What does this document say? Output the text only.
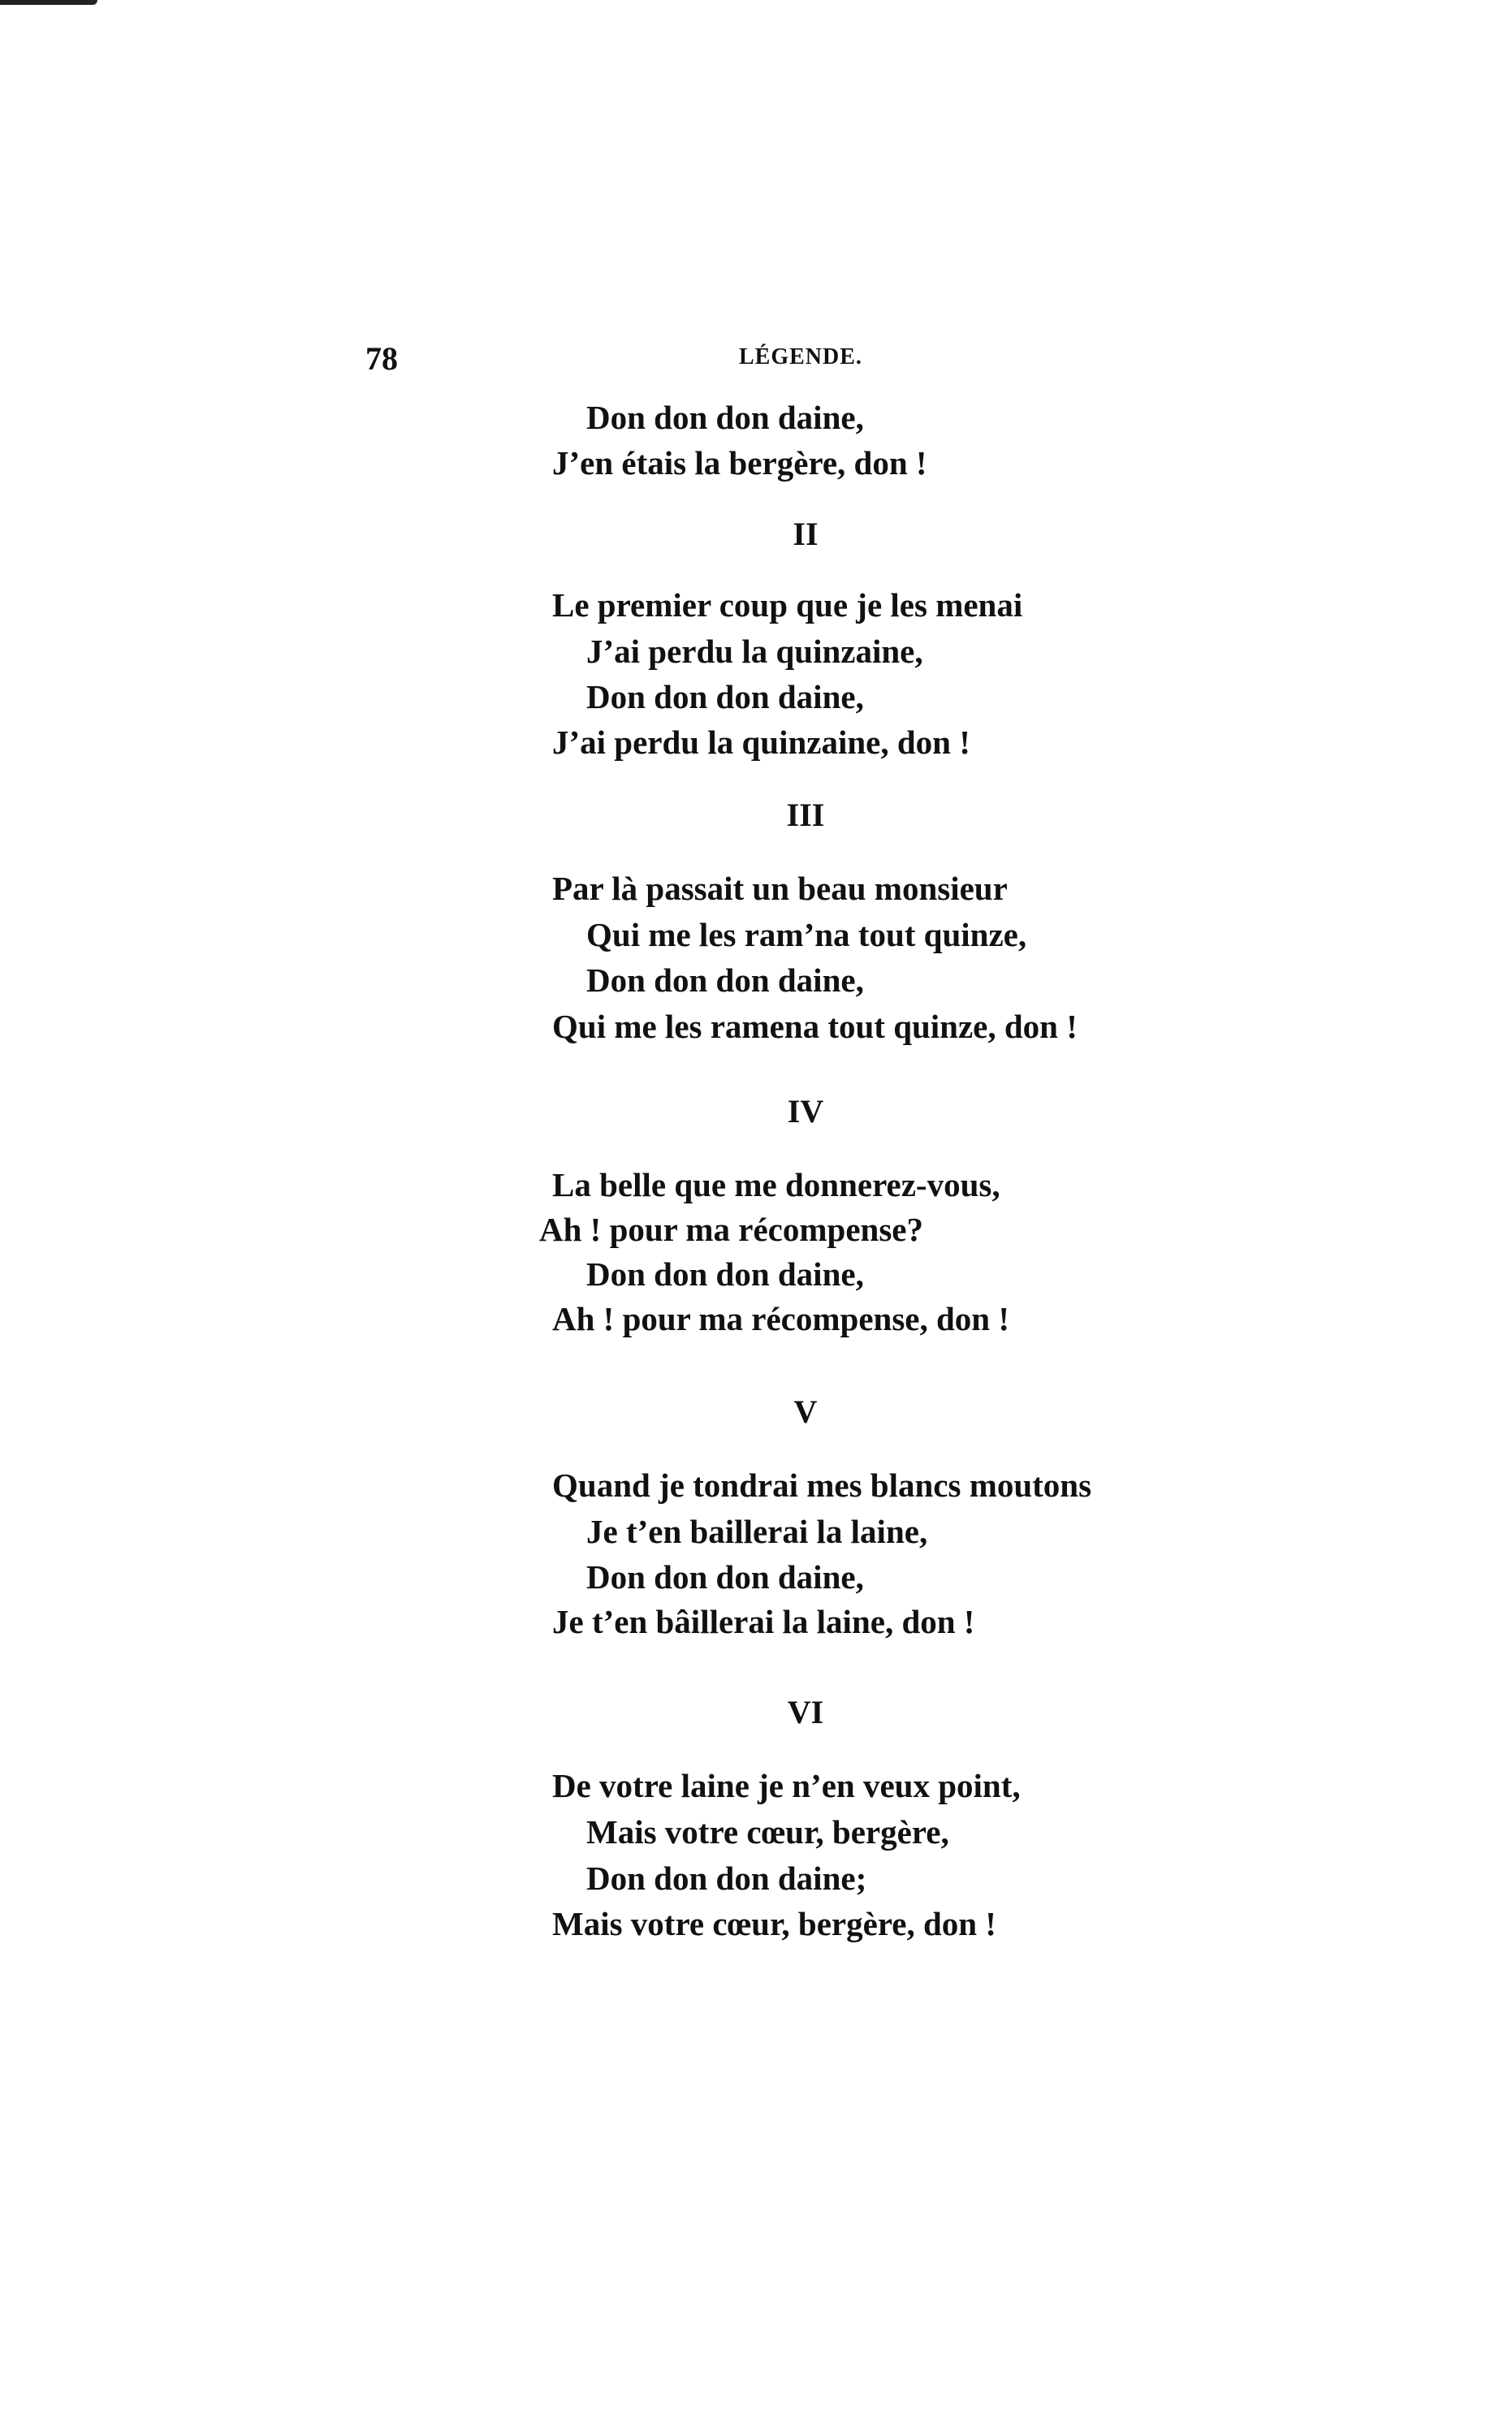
78	LÉGENDE.
Don don don daine,
J’en étais la bergère, don !
II
Le premier coup que je les menai
J’ai perdu la quinzaine,
Don don don daine,
J’ai perdu la quinzaine, don !
III
Par là passait un beau monsieur
Qui me les ram’na tout quinze,
Don don don daine,
Qui me les ramena tout quinze, don !
IV
La belle que me donnerez-vous,
Ah ! pour ma récompense?
Don don don daine,
Ah ! pour ma récompense, don !
V
Quand je tondrai mes blancs moutons
Je t’en baillerai la laine,
Don don don daine,
Je t’en bâillerai la laine, don !
VI
De votre laine je n’en veux point,
Mais votre cœur, bergère,
Don don don daine;
Mais votre cœur, bergère, don !
